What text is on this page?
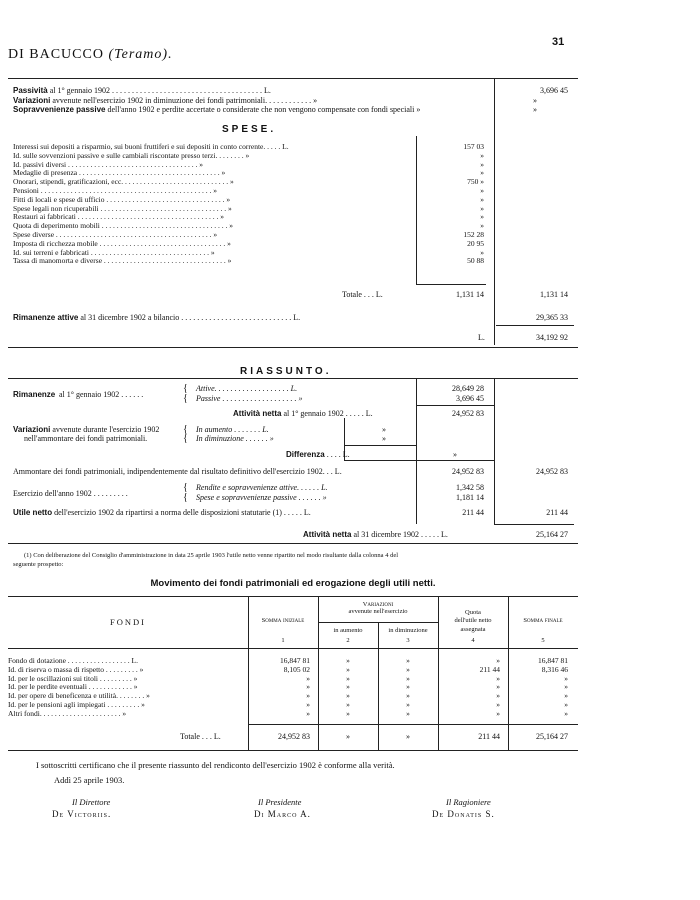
DI BACUCCO (Teramo).
31
Passività al 1° gennaio 1902 . . . . . . . . . . . . . . . . . . . . . . . . . . . . . . . . . . . . . . L.	3,696 45
Variazioni avvenute nell'esercizio 1902 in diminuzione dei fondi patrimoniali. . . . . . . . . . . . »	»
Sopravvenienze passive dell'anno 1902 e perdite accertate o considerate che non vengono compensate con fondi speciali »	»
SPESE.
Interessi sui depositi a risparmio, sui buoni fruttiferi e sui depositi in conto corrente. . . . . L.	157 03
Id. sulle sovvenzioni passive e sulle cambiali riscontate presso terzi. . . . . . . . »	»
Id. passivi diversi . . . . . . . . . . . . . . . . . . . . . . . . . . . . . . . . . . . »	»
Medaglie di presenza . . . . . . . . . . . . . . . . . . . . . . . . . . . . . . . . . . . . . . »	»
Onorari, stipendi, gratificazioni, ecc. . . . . . . . . . . . . . . . . . . . . . . . . . . . . »	750 »
Pensioni . . . . . . . . . . . . . . . . . . . . . . . . . . . . . . . . . . . . . . . . . . . . . . »	»
Fitti di locali e spese di ufficio . . . . . . . . . . . . . . . . . . . . . . . . . . . . . . . . »	»
Spese legali non ricuperabili . . . . . . . . . . . . . . . . . . . . . . . . . . . . . . . . . . »	»
Restauri ai fabbricati . . . . . . . . . . . . . . . . . . . . . . . . . . . . . . . . . . . . . . »	»
Quota di deperimento mobili . . . . . . . . . . . . . . . . . . . . . . . . . . . . . . . . . . »	»
Spese diverse . . . . . . . . . . . . . . . . . . . . . . . . . . . . . . . . . . . . . . . . . . »	152 28
Imposta di ricchezza mobile . . . . . . . . . . . . . . . . . . . . . . . . . . . . . . . . . . »	20 95
Id. sui terreni e fabbricati . . . . . . . . . . . . . . . . . . . . . . . . . . . . . . . . »	»
Tassa di manomorta e diverse . . . . . . . . . . . . . . . . . . . . . . . . . . . . . . . . . »	50 88
Totale . . . L.	1,131 14	1,131 14
Rimanenze attive al 31 dicembre 1902 a bilancio . . . . . . . . . . . . . . . . . . . . . . . . . . . . L.	29,365 33
L.	34,192 92
RIASSUNTO.
Rimanenze al 1° gennaio 1902 . . . . . .
{ Attive. . . . . . . . . . . . . . . . . . . L.	28,649 28
{ Passive . . . . . . . . . . . . . . . . . . . »	3,696 45
Attività netta al 1° gennaio 1902 . . . . . L.	24,952 83
Variazioni avvenute durante l'esercizio 1902
nell'ammontare dei fondi patrimoniali.
{ In aumento . . . . . . . L.	»
{ In diminuzione . . . . . . »	»
Differenza . . . . L.	»
Ammontare dei fondi patrimoniali, indipendentemente dal risultato definitivo dell'esercizio 1902. . . L.	24,952 83	24,952 83
Esercizio dell'anno 1902 . . . . . . . . .
{ Rendite e sopravvenienze attive. . . . . . L.	1,342 58
{ Spese e sopravvenienze passive . . . . . . »	1,181 14
Utile netto dell'esercizio 1902 da ripartirsi a norma delle disposizioni statutarie (1) . . . . . L.	211 44	211 44
Attività netta al 31 dicembre 1902 . . . . . L.	25,164 27
(1) Con deliberazione del Consiglio d'amministrazione in data 25 aprile 1903 l'utile netto venne ripartito nel modo risultante dalla colonna 4 del
seguente prospetto:
Movimento dei fondi patrimoniali ed erogazione degli utili netti.
FONDI	Somma iniziale
1
Variazioni
avvenute nell'esercizio
in aumento
2
in diminuzione
3
Quota
dell'utile netto
assegnata
4
Somma finale
5
Fondo di dotazione . . . . . . . . . . . . . . . . . L.	16,847 81	»	»	»	16,847 81
Id. di riserva o massa di rispetto . . . . . . . . . »	8,105 02	»	»	211 44	8,316 46
Id. per le oscillazioni sui titoli . . . . . . . . . »	»	»	»	»	»
Id. per le perdite eventuali . . . . . . . . . . . . »	»	»	»	»	»
Id. per opere di beneficenza e utilità. . . . . . . . »	»	»	»	»	»
Id. per le pensioni agli impiegati . . . . . . . . . »	»	»	»	»	»
Altri fondi. . . . . . . . . . . . . . . . . . . . . . »	»	»	»	»	»
Totale . . . L.	24,952 83	»	»	211 44	25,164 27
I sottoscritti certificano che il presente riassunto del rendiconto dell'esercizio 1902 è conforme alla verità.
Addì 25 aprile 1903.
Il Direttore
De Victoriis.
Il Presidente
Di Marco A.
Il Ragioniere
De Donatis S.
